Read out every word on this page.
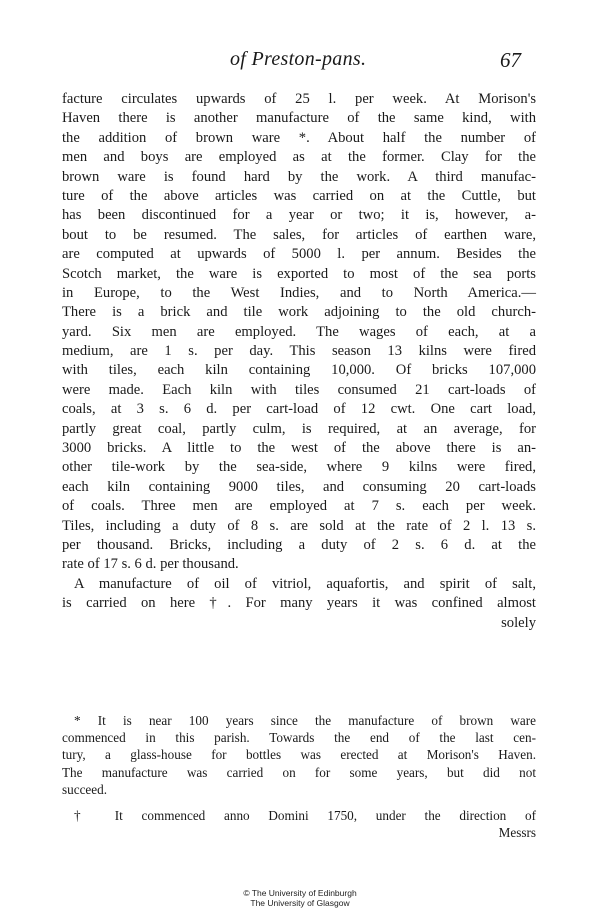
of Preston-pans.	67
facture circulates upwards of 25 l. per week. At Morison's
Haven there is another manufacture of the same kind, with
the addition of brown ware *. About half the number of
men and boys are employed as at the former. Clay for the
brown ware is found hard by the work. A third manufac-
ture of the above articles was carried on at the Cuttle, but
has been discontinued for a year or two; it is, however, a-
bout to be resumed. The sales, for articles of earthen ware,
are computed at upwards of 5000 l. per annum. Besides the
Scotch market, the ware is exported to most of the sea ports
in Europe, to the West Indies, and to North America.—
There is a brick and tile work adjoining to the old church-
yard. Six men are employed. The wages of each, at a
medium, are 1 s. per day. This season 13 kilns were fired
with tiles, each kiln containing 10,000. Of bricks 107,000
were made. Each kiln with tiles consumed 21 cart-loads of
coals, at 3 s. 6 d. per cart-load of 12 cwt. One cart load,
partly great coal, partly culm, is required, at an average, for
3000 bricks. A little to the west of the above there is an-
other tile-work by the sea-side, where 9 kilns were fired,
each kiln containing 9000 tiles, and consuming 20 cart-loads
of coals. Three men are employed at 7 s. each per week.
Tiles, including a duty of 8 s. are sold at the rate of 2 l. 13 s.
per thousand. Bricks, including a duty of 2 s. 6 d. at the
rate of 17 s. 6 d. per thousand.
A manufacture of oil of vitriol, aquafortis, and spirit of salt,
is carried on here †. For many years it was confined almost
solely
* It is near 100 years since the manufacture of brown ware
commenced in this parish. Towards the end of the last cen-
tury, a glass-house for bottles was erected at Morison's Haven.
The manufacture was carried on for some years, but did not
succeed.
† It commenced anno Domini 1750, under the direction of
Messrs
© The University of Edinburgh
The University of Glasgow
